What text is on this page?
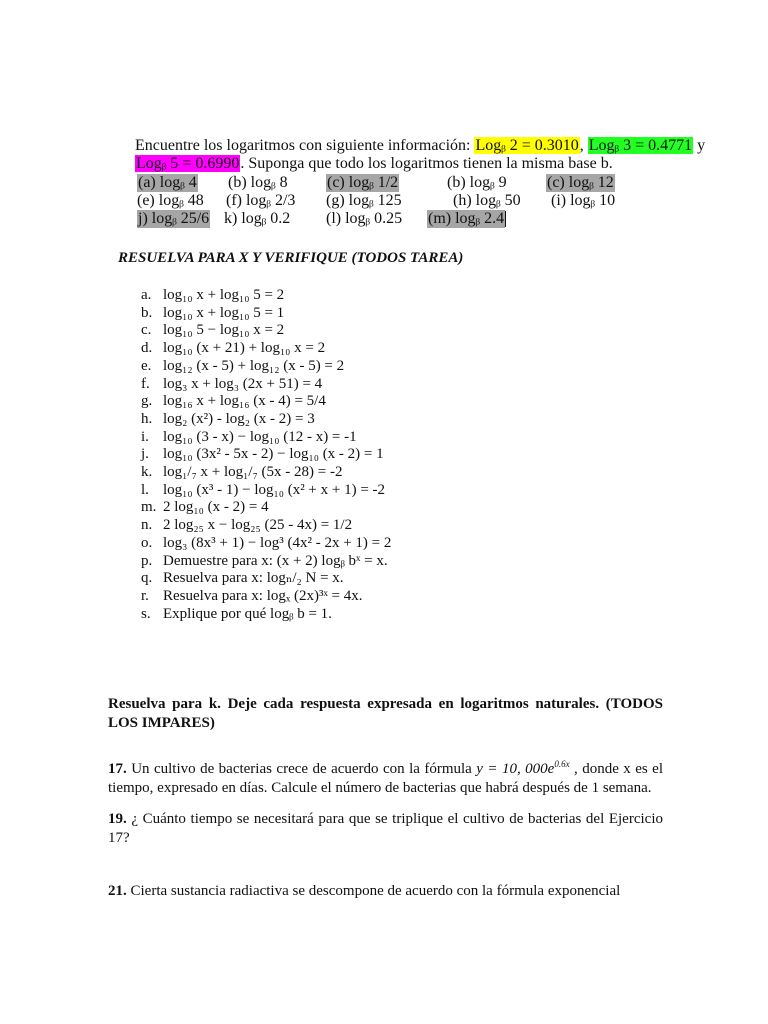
Encuentre los logaritmos con siguiente información: Logᵦ 2 = 0.3010, Logᵦ 3 = 0.4771 y
Logᵦ 5 = 0.6990. Suponga que todo los logaritmos tienen la misma base b.
(a) logᵦ 4 (b) logᵦ 8 (c) logᵦ 1/2	(b) logᵦ 9	(c) logᵦ 12
(e) logᵦ 48 (f) logᵦ 2/3 (g) logᵦ 125	(h) logᵦ 50 (i) logᵦ 10
j) logᵦ 25/6 k) logᵦ 0.2 (l) logᵦ 0.25 (m) logᵦ 2.4
RESUELVA PARA X Y VERIFIQUE (TODOS TAREA)
a. log₁₀ x + log₁₀ 5 = 2
b. log₁₀ x + log₁₀ 5 = 1
c. log₁₀ 5 − log₁₀ x = 2
d. log₁₀ (x + 21) + log₁₀ x = 2
e. log₁₂ (x - 5) + log₁₂ (x - 5) = 2
f. log₃ x + log₃ (2x + 51) = 4
g. log₁₆ x + log₁₆ (x - 4) = 5/4
h. log₂ (x²) - log₂ (x - 2) = 3
i. log₁₀ (3 - x) − log₁₀ (12 - x) = -1
j. log₁₀ (3x² - 5x - 2) − log₁₀ (x - 2) = 1
k. log₁/₇ x + log₁/₇ (5x - 28) = -2
l. log₁₀ (x³ - 1) − log₁₀ (x² + x + 1) = -2
m. 2 log₁₀ (x - 2) = 4
n. 2 log₂₅ x − log₂₅ (25 - 4x) = 1/2
o. log₃ (8x³ + 1) − log³ (4x² - 2x + 1) = 2
p. Demuestre para x: (x + 2) logᵦ bˣ = x.
q. Resuelva para x: logₙ/₂ N = x.
r. Resuelva para x: logₓ (2x)³ˣ = 4x.
s. Explique por qué logᵦ b = 1.
Resuelva para k. Deje cada respuesta expresada en logaritmos naturales. (TODOS LOS IMPARES)
17. Un cultivo de bacterias crece de acuerdo con la fórmula y = 10, $000e^{0.6x}$ , donde x es el tiempo, expresado en días. Calcule el número de bacterias que habrá después de 1 semana.
19. ¿ Cuánto tiempo se necesitará para que se triplique el cultivo de bacterias del Ejercicio 17?
21. Cierta sustancia radiactiva se descompone de acuerdo con la fórmula exponencial
